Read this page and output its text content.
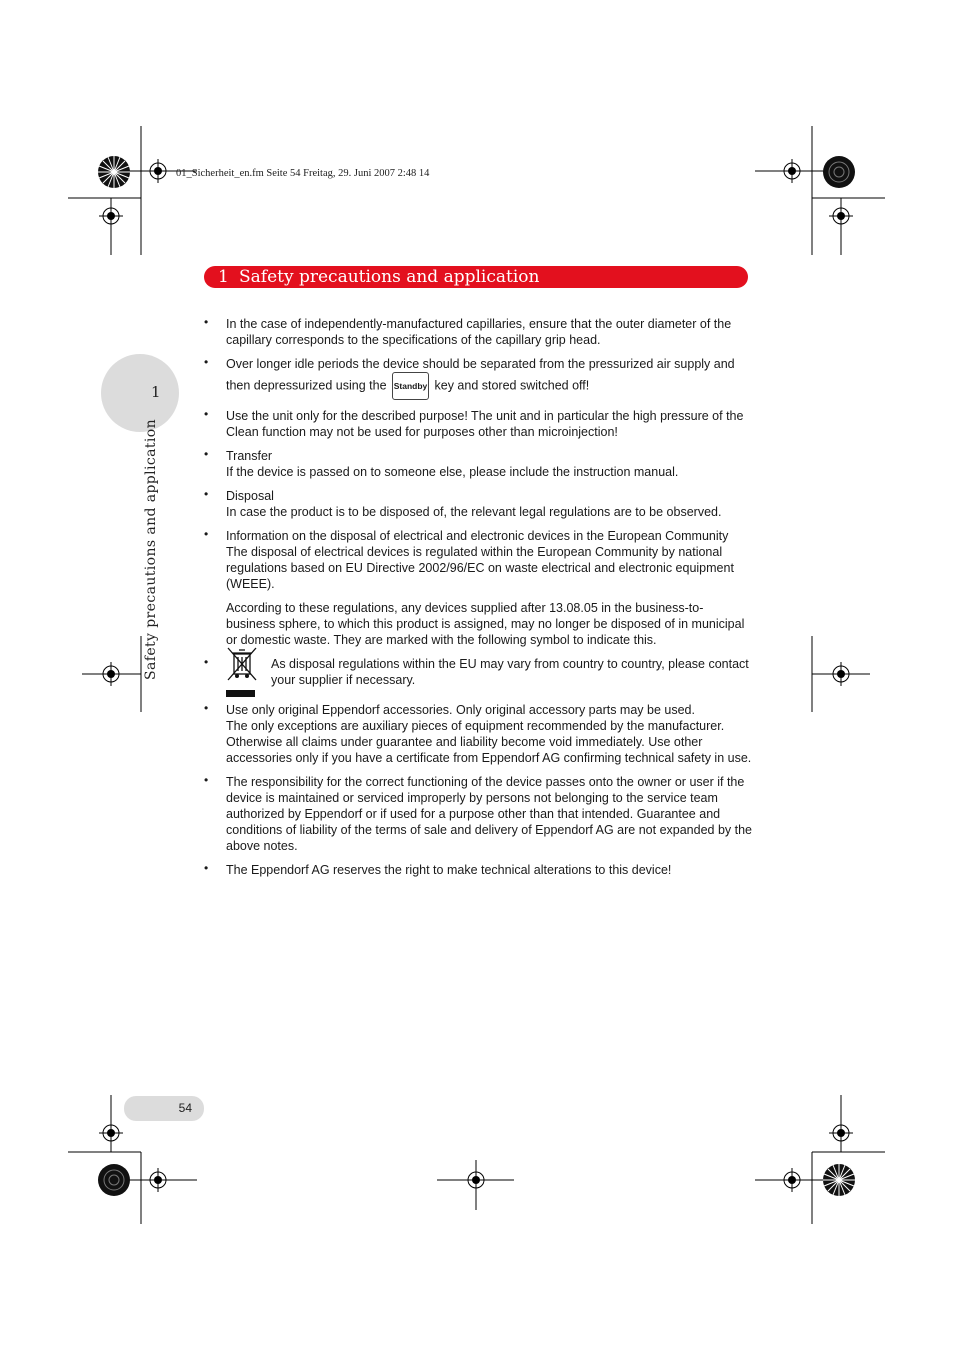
01_Sicherheit_en.fm Seite 54 Freitag, 29. Juni 2007 2:48 14
1 Safety precautions and application
1
Safety precautions and application
• In the case of independently-manufactured capillaries, ensure that the outer diameter of the capillary corresponds to the specifications of the capillary grip head.
• Over longer idle periods the device should be separated from the pressurized air supply and then depressurized using the Standby key and stored switched off!
• Use the unit only for the described purpose! The unit and in particular the high pressure of the Clean function may not be used for purposes other than microinjection!
• Transfer
If the device is passed on to someone else, please include the instruction manual.
• Disposal
In case the product is to be disposed of, the relevant legal regulations are to be observed.
• Information on the disposal of electrical and electronic devices in the European Community
The disposal of electrical devices is regulated within the European Community by national regulations based on EU Directive 2002/96/EC on waste electrical and electronic equipment (WEEE).
According to these regulations, any devices supplied after 13.08.05 in the business-to-business sphere, to which this product is assigned, may no longer be disposed of in municipal or domestic waste. They are marked with the following symbol to indicate this.
•	As disposal regulations within the EU may vary from country to country, please contact your supplier if necessary.
• Use only original Eppendorf accessories. Only original accessory parts may be used.
The only exceptions are auxiliary pieces of equipment recommended by the manufacturer. Otherwise all claims under guarantee and liability become void immediately. Use other accessories only if you have a certificate from Eppendorf AG confirming technical safety in use.
• The responsibility for the correct functioning of the device passes onto the owner or user if the device is maintained or serviced improperly by persons not belonging to the service team authorized by Eppendorf or if used for a purpose other than that intended. Guarantee and conditions of liability of the terms of sale and delivery of Eppendorf AG are not expanded by the above notes.
• The Eppendorf AG reserves the right to make technical alterations to this device!
54
